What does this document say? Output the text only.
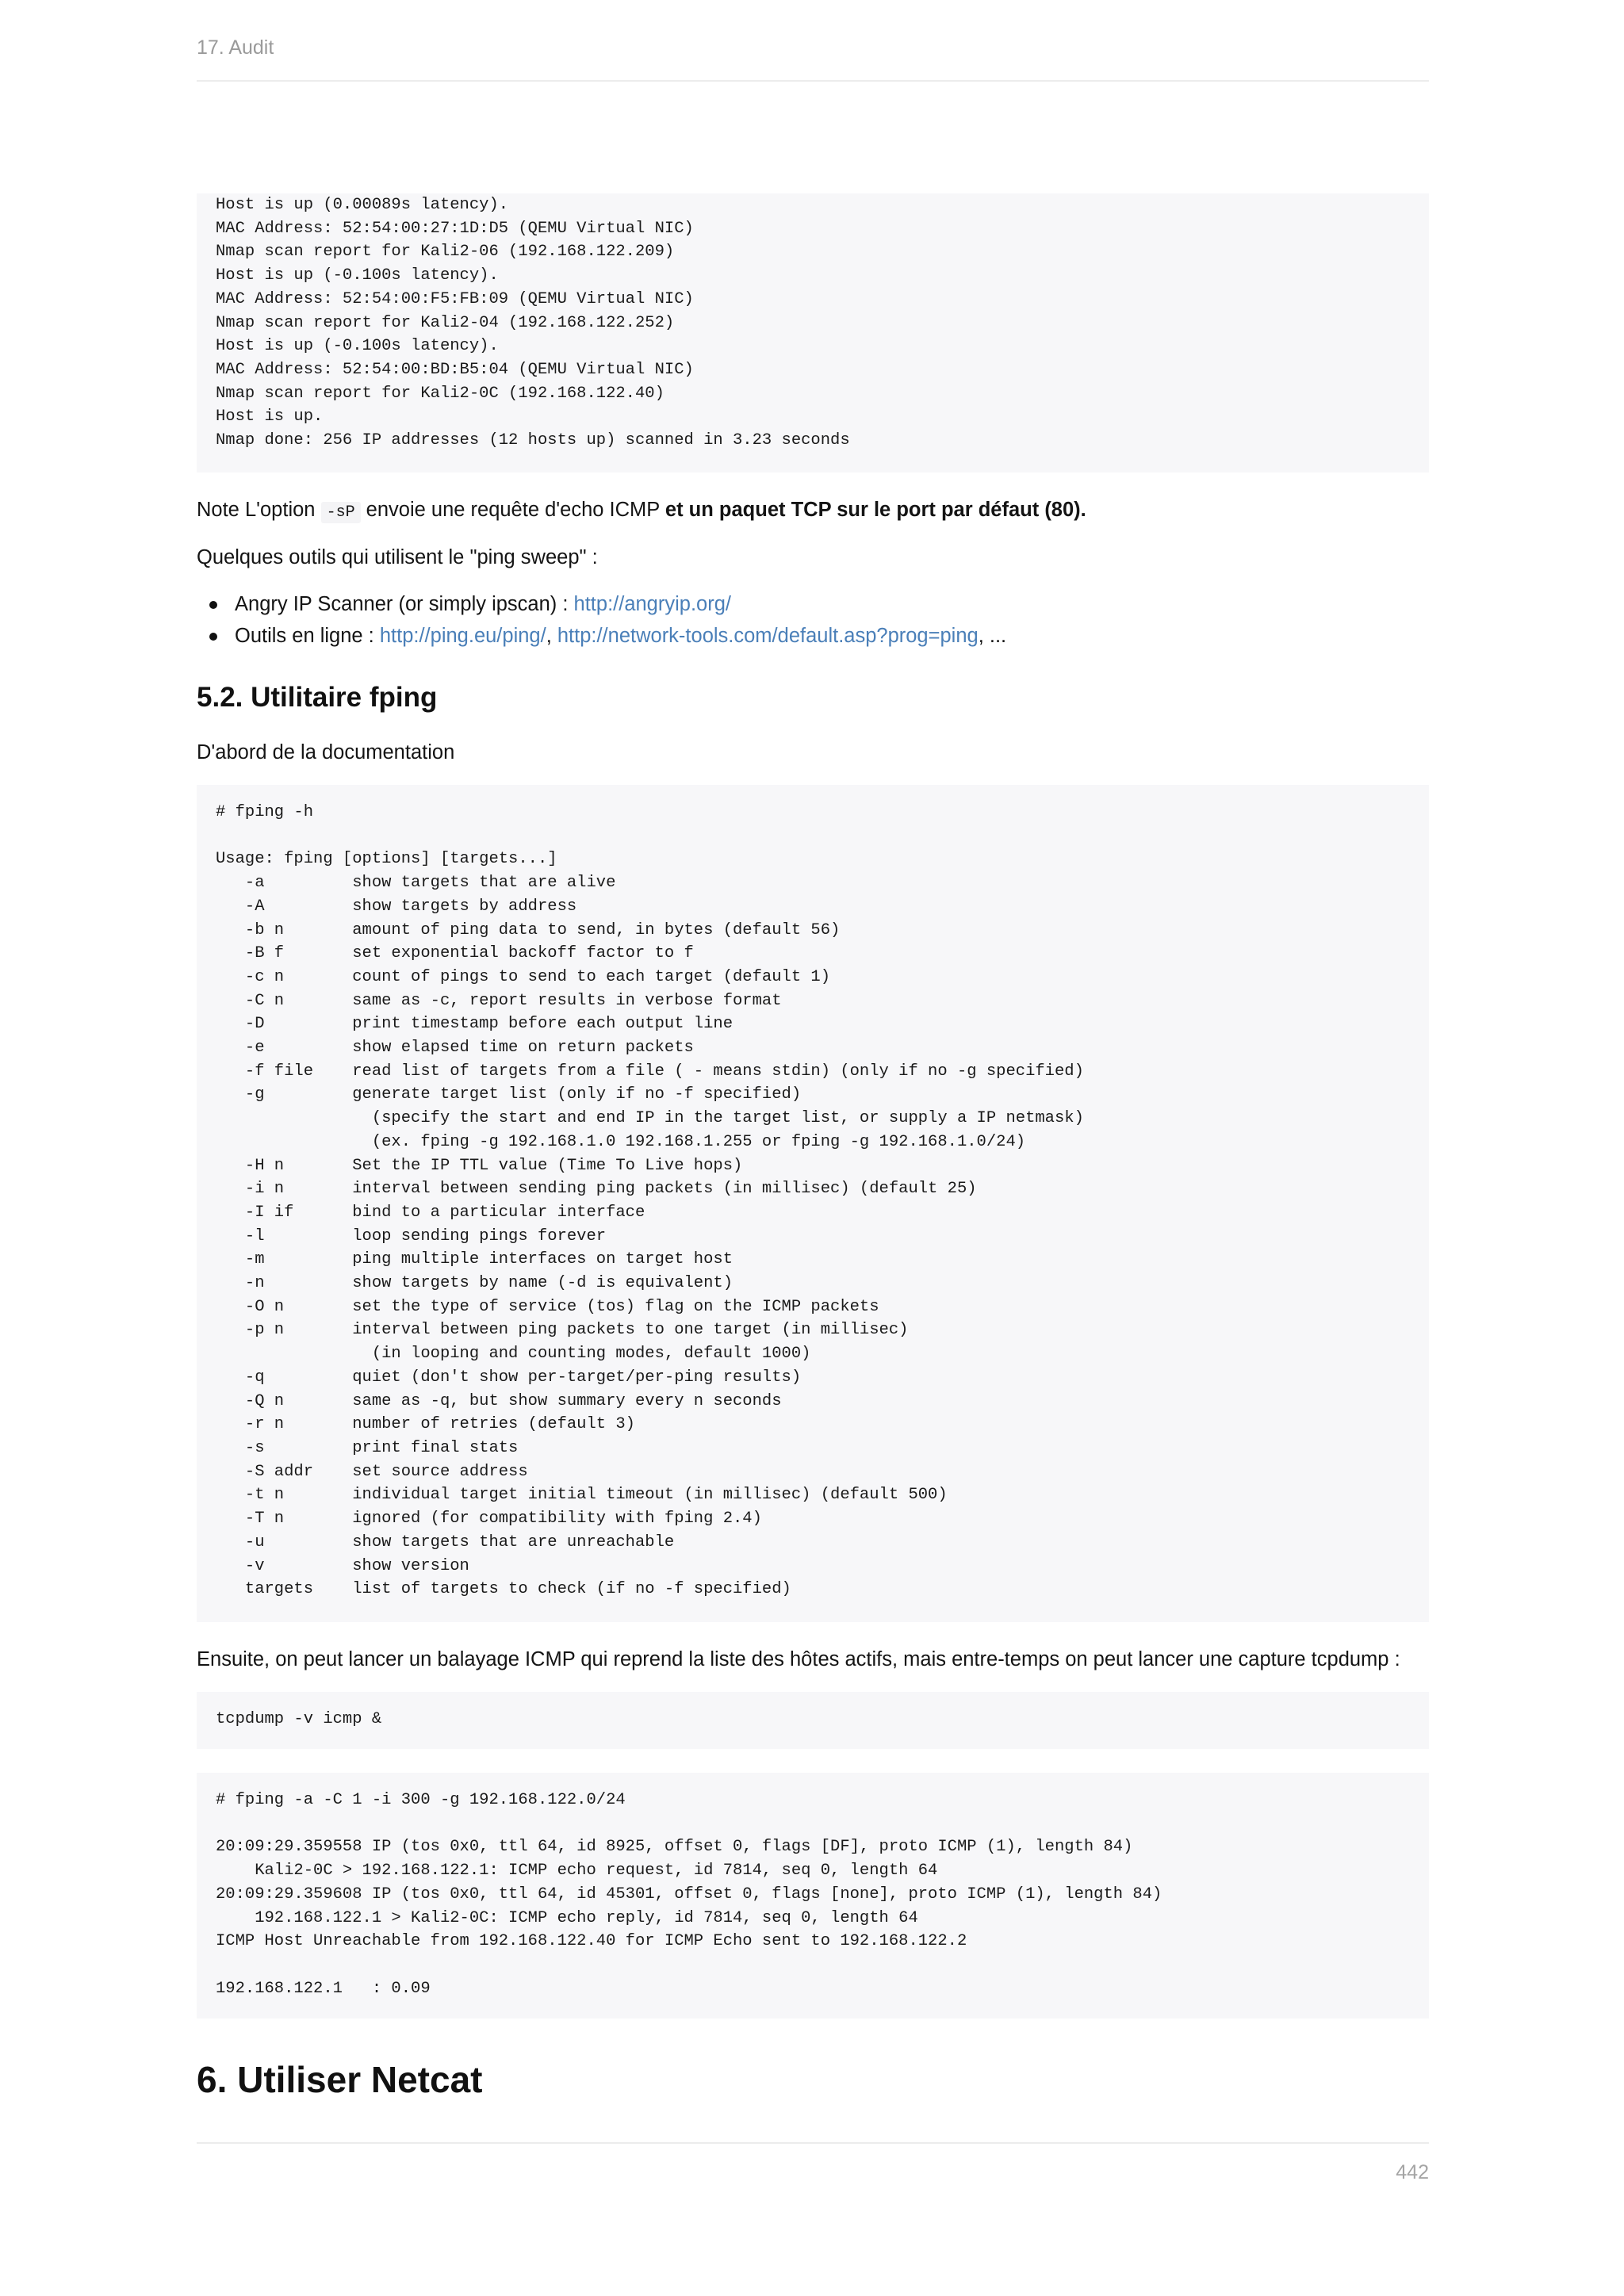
17. Audit
Host is up (0.00089s latency).
MAC Address: 52:54:00:27:1D:D5 (QEMU Virtual NIC)
Nmap scan report for Kali2-06 (192.168.122.209)
Host is up (-0.100s latency).
MAC Address: 52:54:00:F5:FB:09 (QEMU Virtual NIC)
Nmap scan report for Kali2-04 (192.168.122.252)
Host is up (-0.100s latency).
MAC Address: 52:54:00:BD:B5:04 (QEMU Virtual NIC)
Nmap scan report for Kali2-0C (192.168.122.40)
Host is up.
Nmap done: 256 IP addresses (12 hosts up) scanned in 3.23 seconds
Note L'option -sP envoie une requête d'echo ICMP et un paquet TCP sur le port par défaut (80).
Quelques outils qui utilisent le "ping sweep" :
Angry IP Scanner (or simply ipscan) : http://angryip.org/
Outils en ligne : http://ping.eu/ping/, http://network-tools.com/default.asp?prog=ping, ...
5.2. Utilitaire fping
D'abord de la documentation
# fping -h

Usage: fping [options] [targets...]
-a         show targets that are alive
-A         show targets by address
-b n       amount of ping data to send, in bytes (default 56)
-B f       set exponential backoff factor to f
-c n       count of pings to send to each target (default 1)
-C n       same as -c, report results in verbose format
-D         print timestamp before each output line
-e         show elapsed time on return packets
-f file    read list of targets from a file ( - means stdin) (only if no -g specified)
-g         generate target list (only if no -f specified)
(specify the start and end IP in the target list, or supply a IP netmask)
(ex. fping -g 192.168.1.0 192.168.1.255 or fping -g 192.168.1.0/24)
-H n       Set the IP TTL value (Time To Live hops)
-i n       interval between sending ping packets (in millisec) (default 25)
-I if      bind to a particular interface
-l         loop sending pings forever
-m         ping multiple interfaces on target host
-n         show targets by name (-d is equivalent)
-O n       set the type of service (tos) flag on the ICMP packets
-p n       interval between ping packets to one target (in millisec)
(in looping and counting modes, default 1000)
-q         quiet (don't show per-target/per-ping results)
-Q n       same as -q, but show summary every n seconds
-r n       number of retries (default 3)
-s         print final stats
-S addr    set source address
-t n       individual target initial timeout (in millisec) (default 500)
-T n       ignored (for compatibility with fping 2.4)
-u         show targets that are unreachable
-v         show version
targets    list of targets to check (if no -f specified)
Ensuite, on peut lancer un balayage ICMP qui reprend la liste des hôtes actifs, mais entre-temps on peut lancer une capture tcpdump :
tcpdump -v icmp &
# fping -a -C 1 -i 300 -g 192.168.122.0/24

20:09:29.359558 IP (tos 0x0, ttl 64, id 8925, offset 0, flags [DF], proto ICMP (1), length 84)
Kali2-0C > 192.168.122.1: ICMP echo request, id 7814, seq 0, length 64
20:09:29.359608 IP (tos 0x0, ttl 64, id 45301, offset 0, flags [none], proto ICMP (1), length 84)
192.168.122.1 > Kali2-0C: ICMP echo reply, id 7814, seq 0, length 64
ICMP Host Unreachable from 192.168.122.40 for ICMP Echo sent to 192.168.122.2

192.168.122.1   : 0.09
6. Utiliser Netcat
442
